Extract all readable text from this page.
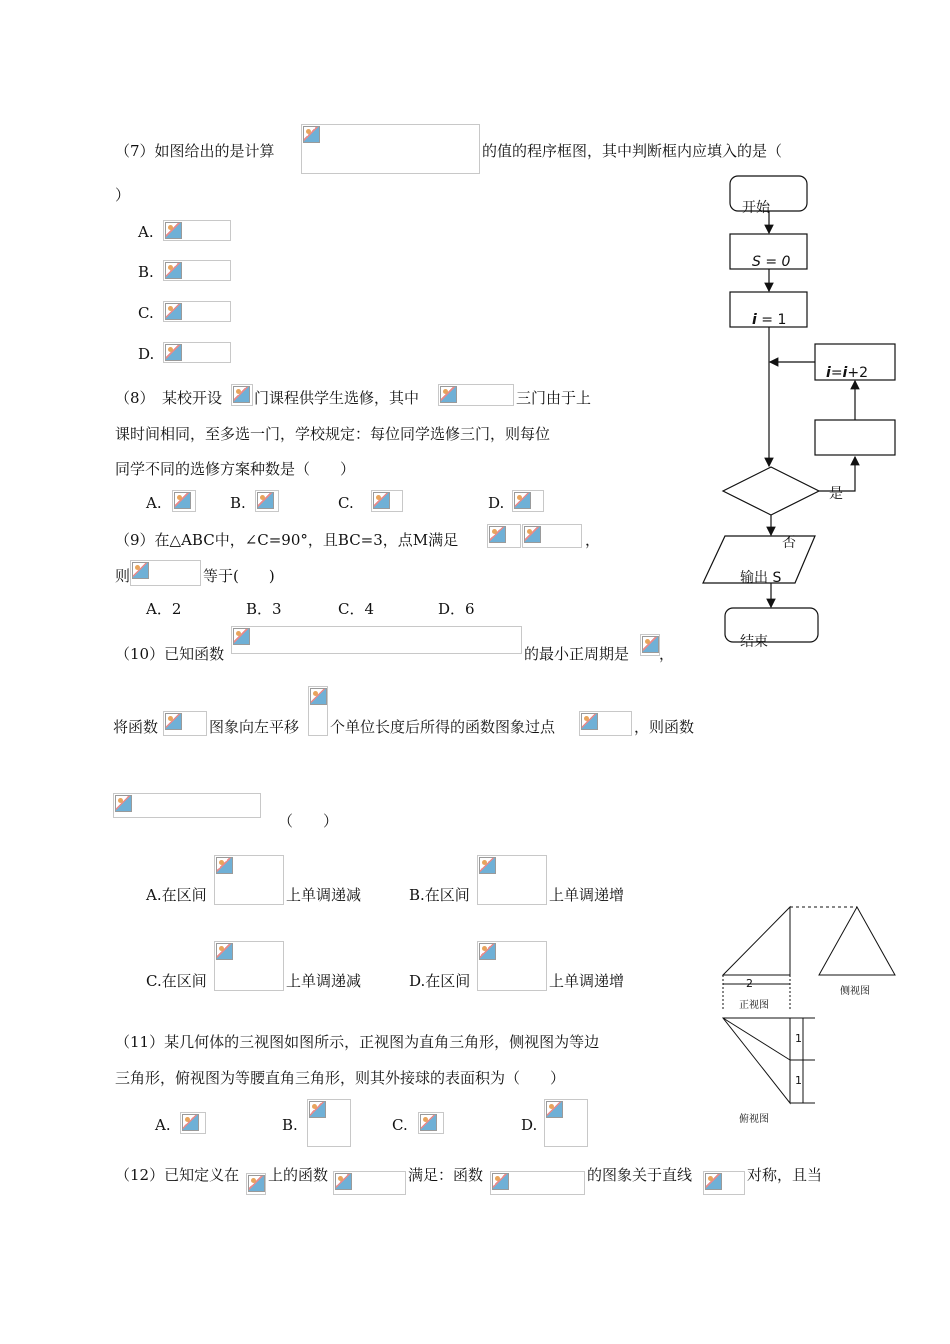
（7）如图给出的是计算	的值的程序框图，其中判断框内应填入的是（
）
A.
B.
C.
D.
开始
S = 0
i = 1
i=i+2
是
否
输出 S
结束
（8）　某校开设 门课程供学生选修，其中	三门由于上
课时间相同，至多选一门，学校规定：每位同学选修三门，则每位
同学不同的选修方案种数是（　　）
A.	B.	C.	D.
（9）在△ABC中，∠C=90°，且BC=3，点M满足	，
则	等于(　　)
A．2	B．3	C．4	D．6
（10）已知函数	的最小正周期是 ，
将函数	图象向左平移 个单位长度后所得的函数图象过点	，则函数
（　　）
A.在区间	上单调递减	B.在区间	上单调递增
C.在区间	上单调递减	D.在区间	上单调递增	2
正视图
侧视图
1
1
俯视图
（11）某几何体的三视图如图所示，正视图为直角三角形，侧视图为等边
三角形，俯视图为等腰直角三角形，则其外接球的表面积为（　　）
A.	B.	C.	D.
（12）已知定义在 上的函数	满足：函数	的图象关于直线	对称，且当
